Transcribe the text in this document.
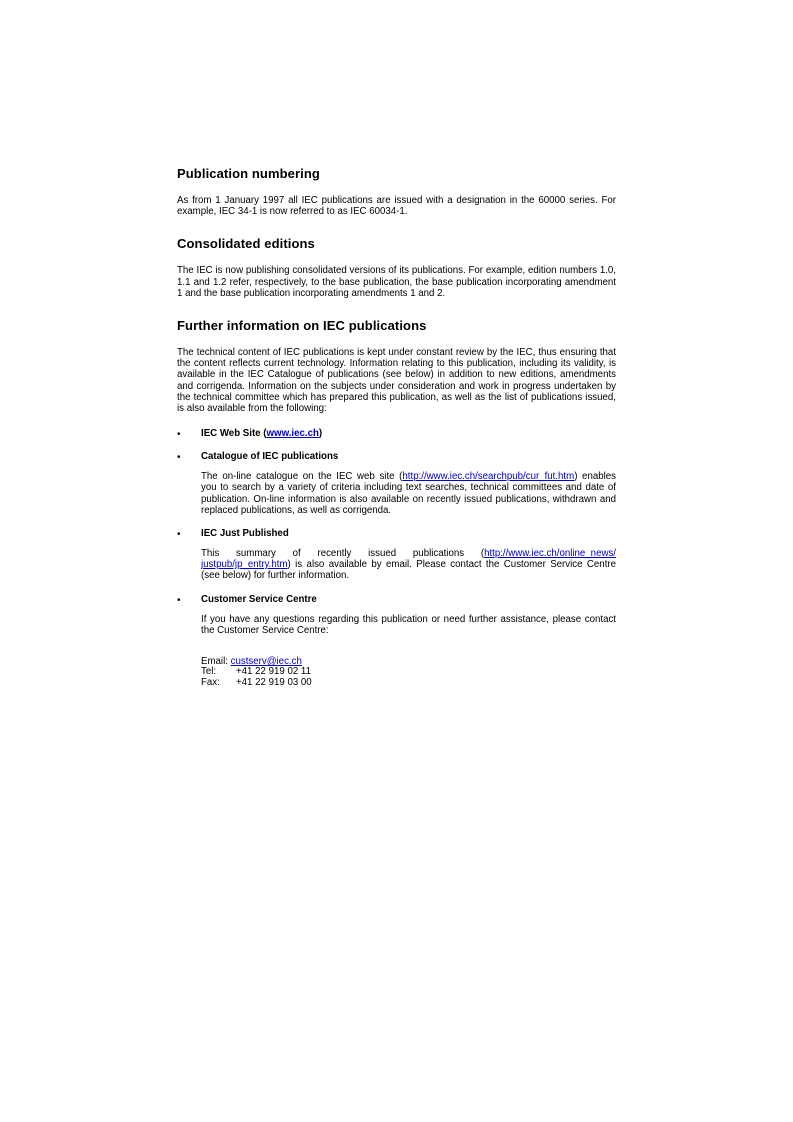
Publication numbering

As from 1 January 1997 all IEC publications are issued with a designation in the 60000 series. For example, IEC 34-1 is now referred to as IEC 60034-1.

Consolidated editions

The IEC is now publishing consolidated versions of its publications. For example, edition numbers 1.0, 1.1 and 1.2 refer, respectively, to the base publication, the base publication incorporating amendment 1 and the base publication incorporating amendments 1 and 2.

Further information on IEC publications

The technical content of IEC publications is kept under constant review by the IEC, thus ensuring that the content reflects current technology. Information relating to this publication, including its validity, is available in the IEC Catalogue of publications (see below) in addition to new editions, amendments and corrigenda. Information on the subjects under consideration and work in progress undertaken by the technical committee which has prepared this publication, as well as the list of publications issued, is also available from the following:

• IEC Web Site (www.iec.ch)
• Catalogue of IEC publications

The on-line catalogue on the IEC web site (http://www.iec.ch/searchpub/cur_fut.htm) enables you to search by a variety of criteria including text searches, technical committees and date of publication. On-line information is also available on recently issued publications, withdrawn and replaced publications, as well as corrigenda.

• IEC Just Published

This summary of recently issued publications (http://www.iec.ch/online_news/ justpub/jp_entry.htm) is also available by email. Please contact the Customer Service Centre (see below) for further information.

• Customer Service Centre

If you have any questions regarding this publication or need further assistance, please contact the Customer Service Centre:

Email: custserv@iec.ch
Tel: +41 22 919 02 11
Fax: +41 22 919 03 00
